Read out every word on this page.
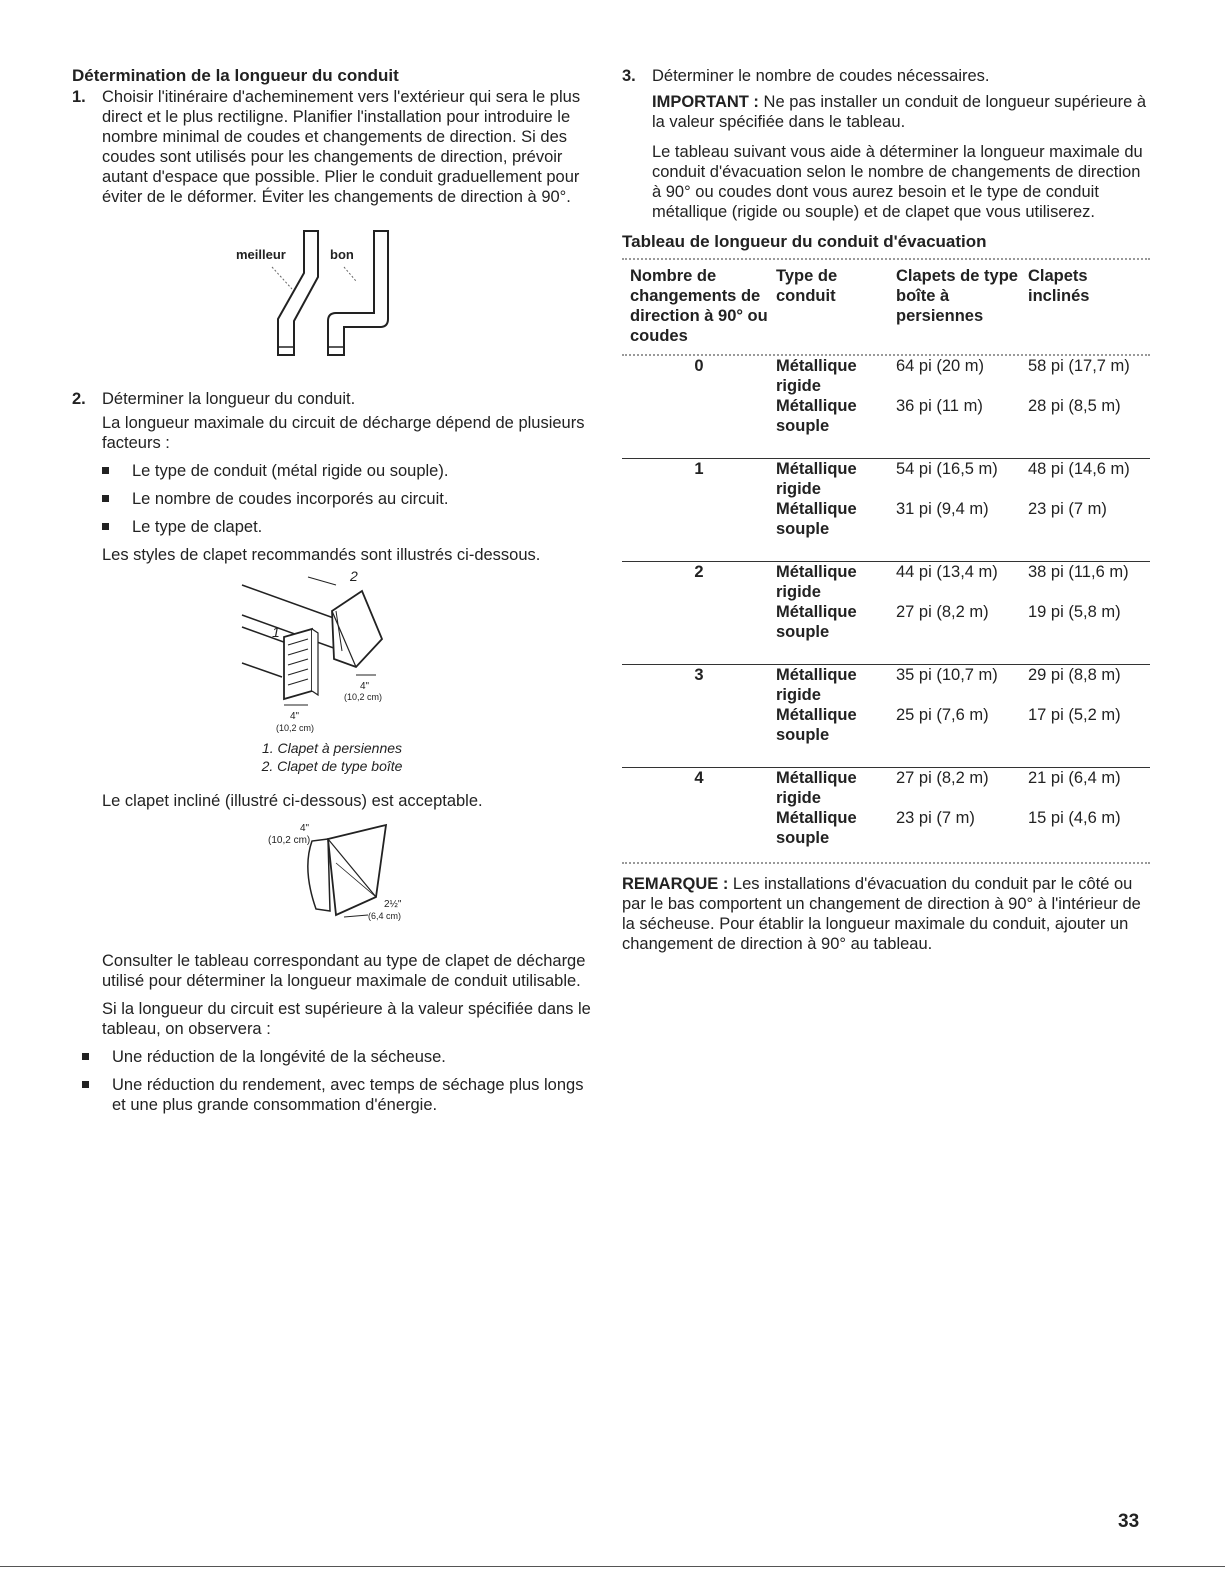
Détermination de la longueur du conduit
1. Choisir l'itinéraire d'acheminement vers l'extérieur qui sera le plus direct et le plus rectiligne. Planifier l'installation pour introduire le nombre minimal de coudes et changements de direction. Si des coudes sont utilisés pour les changements de direction, prévoir autant d'espace que possible. Plier le conduit graduellement pour éviter de le déformer. Éviter les changements de direction à 90°.

meilleur	bon
2. Déterminer la longueur du conduit.

La longueur maximale du circuit de décharge dépend de plusieurs facteurs :

Le type de conduit (métal rigide ou souple).
Le nombre de coudes incorporés au circuit.
Le type de clapet.

Les styles de clapet recommandés sont illustrés ci-dessous.

2
1
4"
(10,2 cm)
4"
(10,2 cm)

1. Clapet à persiennes

2. Clapet de type boîte

Le clapet incliné (illustré ci-dessous) est acceptable.

4"
(10,2 cm)
2½"
(6,4 cm)

Consulter le tableau correspondant au type de clapet de décharge utilisé pour déterminer la longueur maximale de conduit utilisable.

Si la longueur du circuit est supérieure à la valeur spécifiée dans le tableau, on observera :

Une réduction de la longévité de la sécheuse.
Une réduction du rendement, avec temps de séchage plus longs et une plus grande consommation d'énergie.
3. Déterminer le nombre de coudes nécessaires.

IMPORTANT : Ne pas installer un conduit de longueur supérieure à la valeur spécifiée dans le tableau.

Le tableau suivant vous aide à déterminer la longueur maximale du conduit d'évacuation selon le nombre de changements de direction à 90° ou coudes dont vous aurez besoin et le type de conduit métallique (rigide ou souple) et de clapet que vous utiliserez.

Tableau de longueur du conduit d'évacuation

Nombre de changements de direction à 90° ou coudes	Type de conduit	Clapets de type boîte à persiennes	Clapets inclinés

0	Métallique rigide	64 pi (20 m)	58 pi (17,7 m)
	Métallique souple	36 pi (11 m)	28 pi (8,5 m)

1	Métallique rigide	54 pi (16,5 m)	48 pi (14,6 m)
	Métallique souple	31 pi (9,4 m)	23 pi (7 m)

2	Métallique rigide	44 pi (13,4 m)	38 pi (11,6 m)
	Métallique souple	27 pi (8,2 m)	19 pi (5,8 m)

3	Métallique rigide	35 pi (10,7 m)	29 pi (8,8 m)
	Métallique souple	25 pi (7,6 m)	17 pi (5,2 m)

4	Métallique rigide	27 pi (8,2 m)	21 pi (6,4 m)
	Métallique souple	23 pi (7 m)	15 pi (4,6 m)

REMARQUE : Les installations d'évacuation du conduit par le côté ou par le bas comportent un changement de direction à 90° à l'intérieur de la sécheuse. Pour établir la longueur maximale du conduit, ajouter un changement de direction à 90° au tableau.

33
